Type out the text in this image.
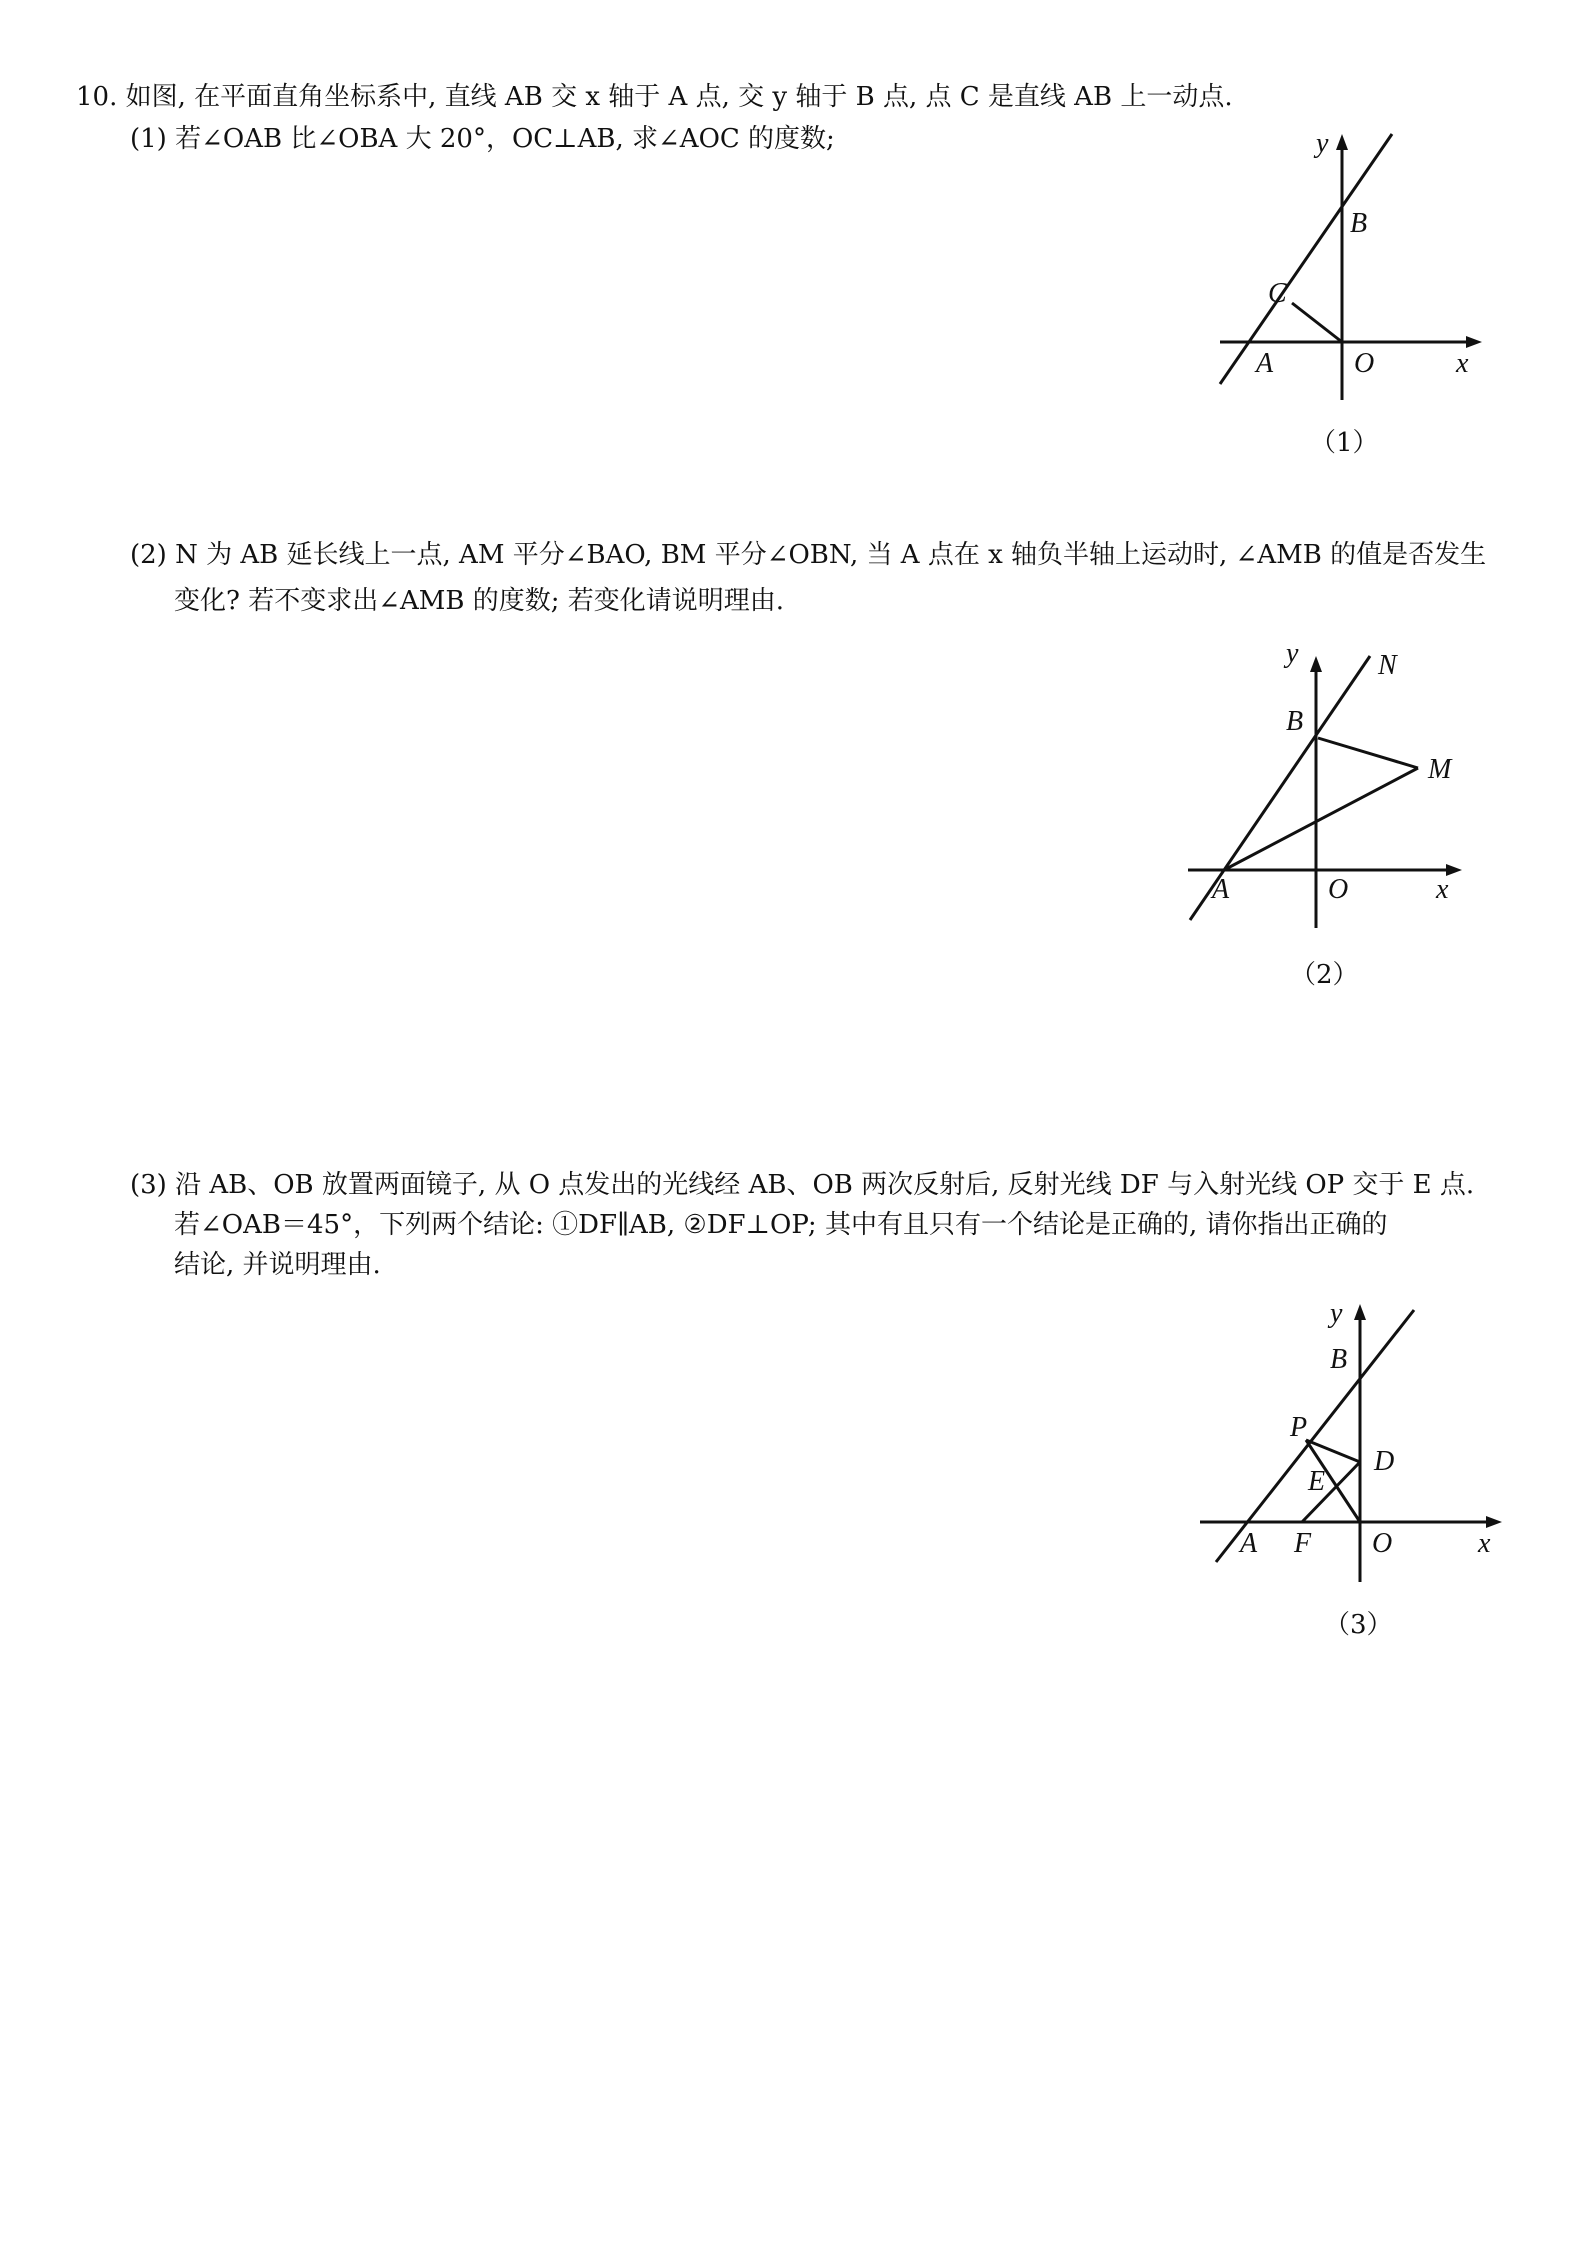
10. 如图, 在平面直角坐标系中, 直线 AB 交 x 轴于 A 点, 交 y 轴于 B 点, 点 C 是直线 AB 上一动点.
(1) 若∠OAB 比∠OBA 大 20°，OC⊥AB, 求∠AOC 的度数;	y
x
B
C
A	O
（1）
(2) N 为 AB 延长线上一点, AM 平分∠BAO, BM 平分∠OBN, 当 A 点在 x 轴负半轴上运动时, ∠AMB 的值是否发生
变化? 若不变求出∠AMB 的度数; 若变化请说明理由.
y	N
B
M
A	O	x
（2）
(3) 沿 AB、OB 放置两面镜子, 从 O 点发出的光线经 AB、OB 两次反射后, 反射光线 DF 与入射光线 OP 交于 E 点.
若∠OAB＝45°，下列两个结论: ①DF∥AB, ②DF⊥OP; 其中有且只有一个结论是正确的, 请你指出正确的
结论, 并说明理由.
y
B
P
D
E
A F O	x
（3）
